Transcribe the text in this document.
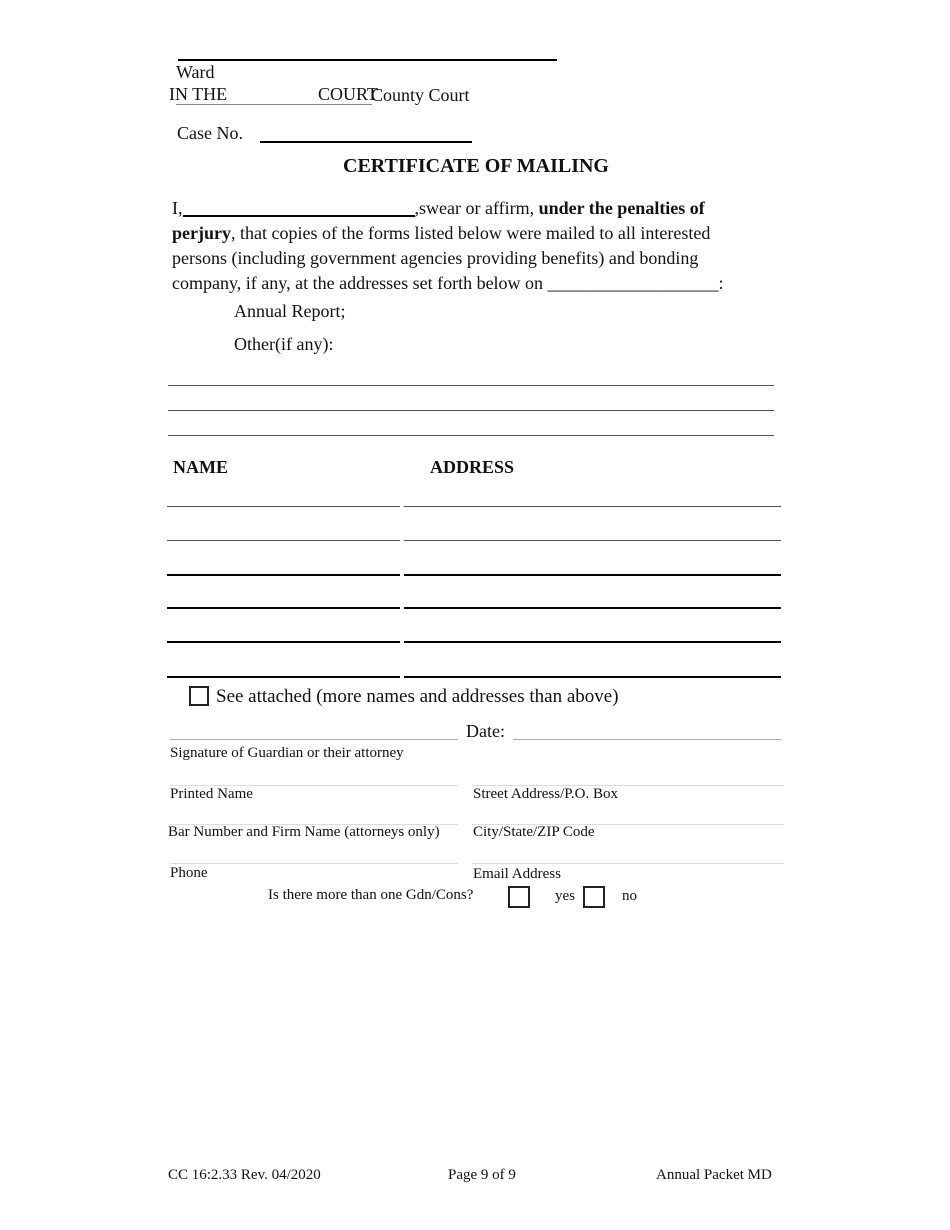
Ward
IN THE	COURT
County Court
Case No.
CERTIFICATE OF MAILING
I,	,swear or affirm, under the penalties of
perjury, that copies of the forms listed below were mailed to all interested
persons (including government agencies providing benefits) and bonding
company, if any, at the addresses set forth below on ___________________:
Annual Report;
Other(if any):
NAME	ADDRESS
See attached (more names and addresses than above)
Date:
Signature of Guardian or their attorney
Printed Name	Street Address/P.O. Box
Bar Number and Firm Name (attorneys only) City/State/ZIP Code
Phone	Email Address
Is there more than one Gdn/Cons?	yes	no
CC 16:2.33 Rev. 04/2020	Page 9 of 9	Annual Packet MD
